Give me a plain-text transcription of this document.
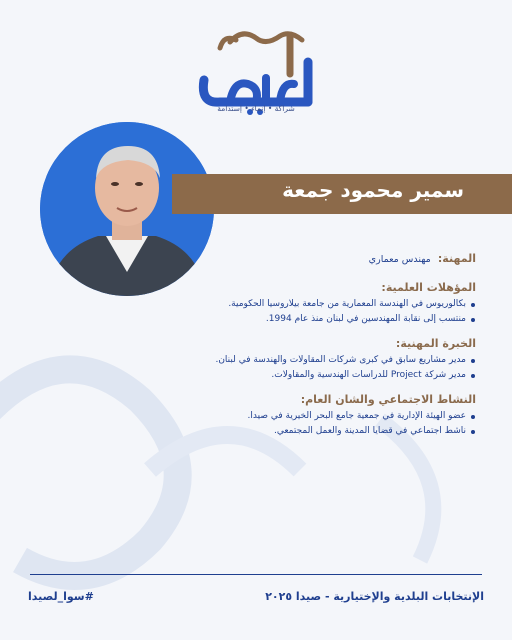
شراكة • إنماء • إستدامة
سمير محمود جمعة
المهنة: مهندس معماري
المؤهلات العلمية:
بكالوريوس في الهندسة المعمارية من جامعة بيلاروسيا الحكومية.
منتسب إلى نقابة المهندسين في لبنان منذ عام 1994.
الخبرة المهنية:
مدير مشاريع سابق في كبرى شركات المقاولات والهندسة في لبنان.
مدير شركة Project للدراسات الهندسية والمقاولات.
النشاط الاجتماعي والشان العام:
عضو الهيئة الإدارية في جمعية جامع البحر الخيرية في صيدا.
ناشط اجتماعي في قضايا المدينة والعمل المجتمعي.
الإنتخابات البلدية والإختيارية - صيدا ٢٠٢٥
#سوا_لصيدا
